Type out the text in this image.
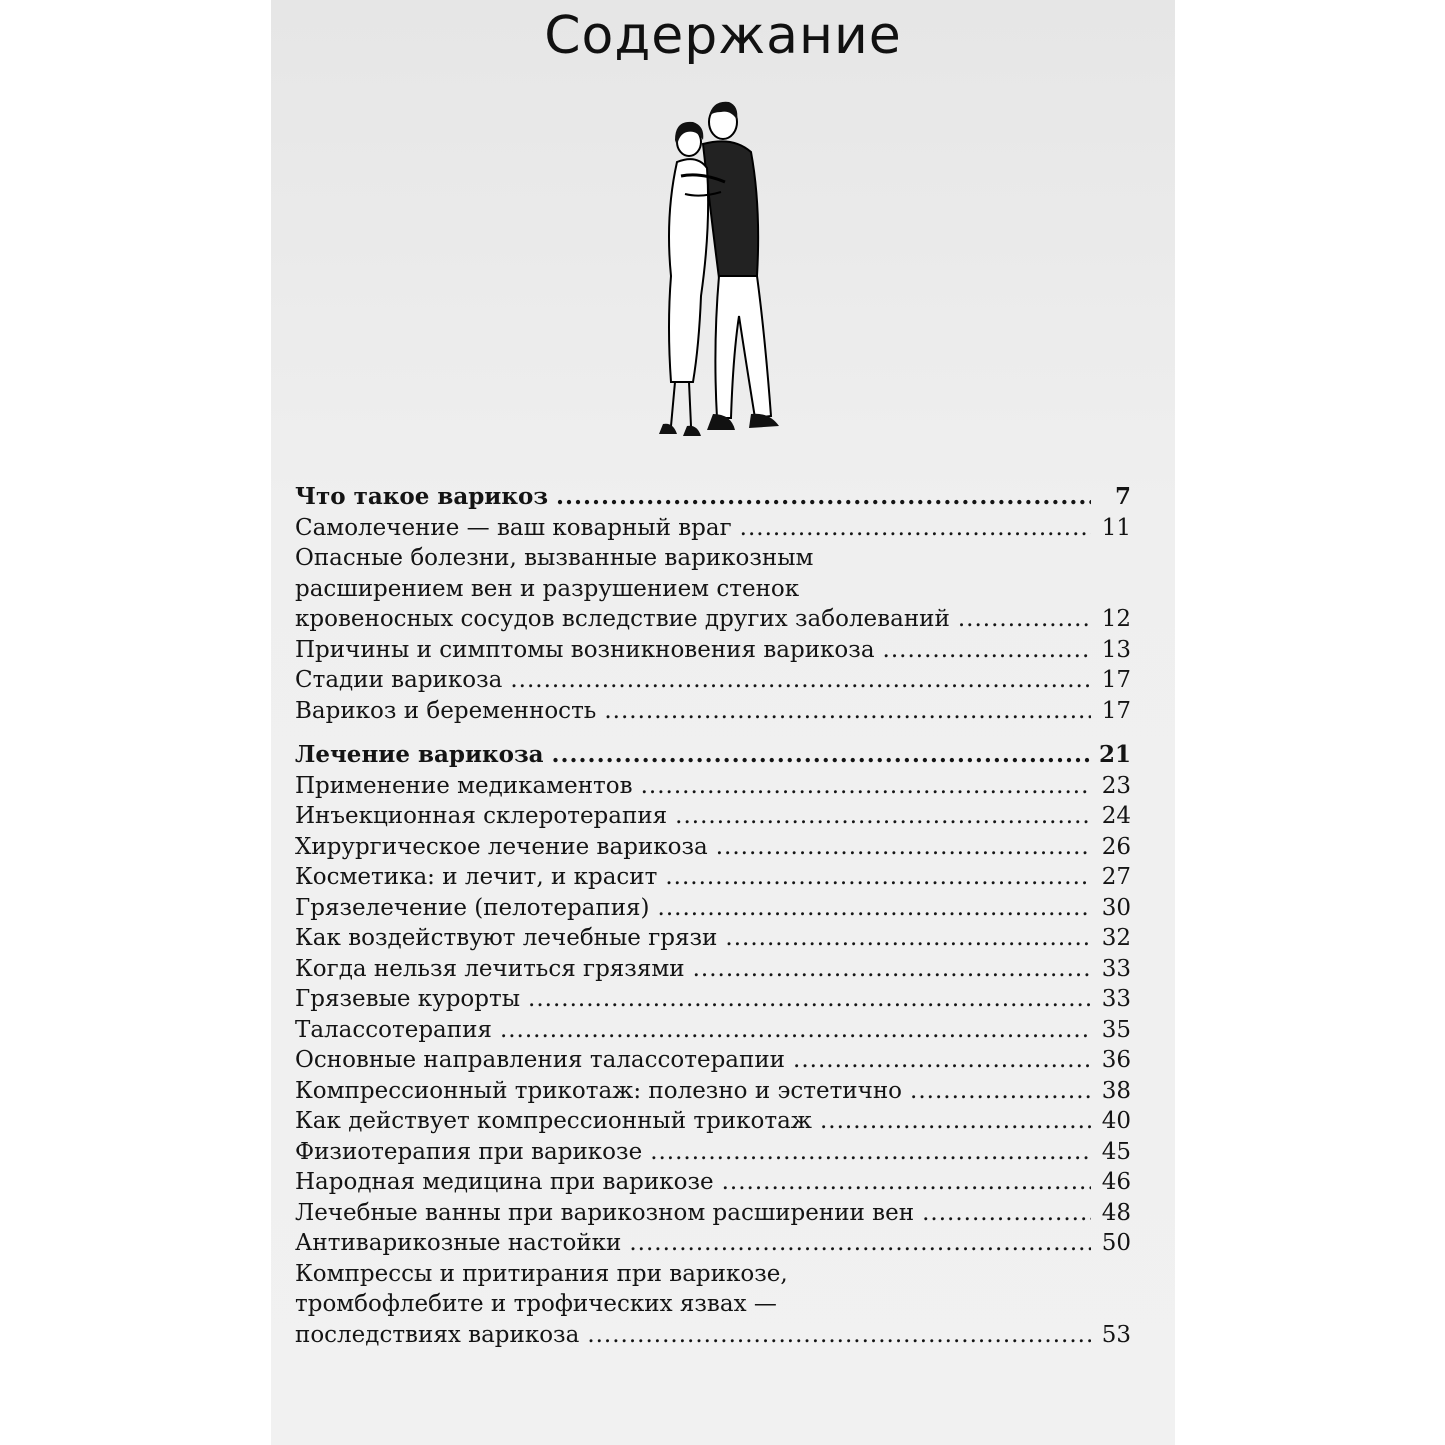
Содержание
Что такое варикоз .....	7
Самолечение — ваш коварный враг .....	11
Опасные болезни, вызванные варикозным
расширением вен и разрушением стенок
кровеносных сосудов вследствие других заболеваний .....	12
Причины и симптомы возникновения варикоза .....	13
Стадии варикоза .....	17
Варикоз и беременность .....	17
Лечение варикоза .....	21
Применение медикаментов .....	23
Инъекционная склеротерапия .....	24
Хирургическое лечение варикоза .....	26
Косметика: и лечит, и красит .....	27
Грязелечение (пелотерапия) .....	30
Как воздействуют лечебные грязи .....	32
Когда нельзя лечиться грязями .....	33
Грязевые курорты .....	33
Талассотерапия .....	35
Основные направления талассотерапии .....	36
Компрессионный трикотаж: полезно и эстетично .....	38
Как действует компрессионный трикотаж .....	40
Физиотерапия при варикозе .....	45
Народная медицина при варикозе .....	46
Лечебные ванны при варикозном расширении вен .....	48
Антиварикозные настойки .....	50
Компрессы и притирания при варикозе,
тромбофлебите и трофических язвах —
последствиях варикоза .....	53
